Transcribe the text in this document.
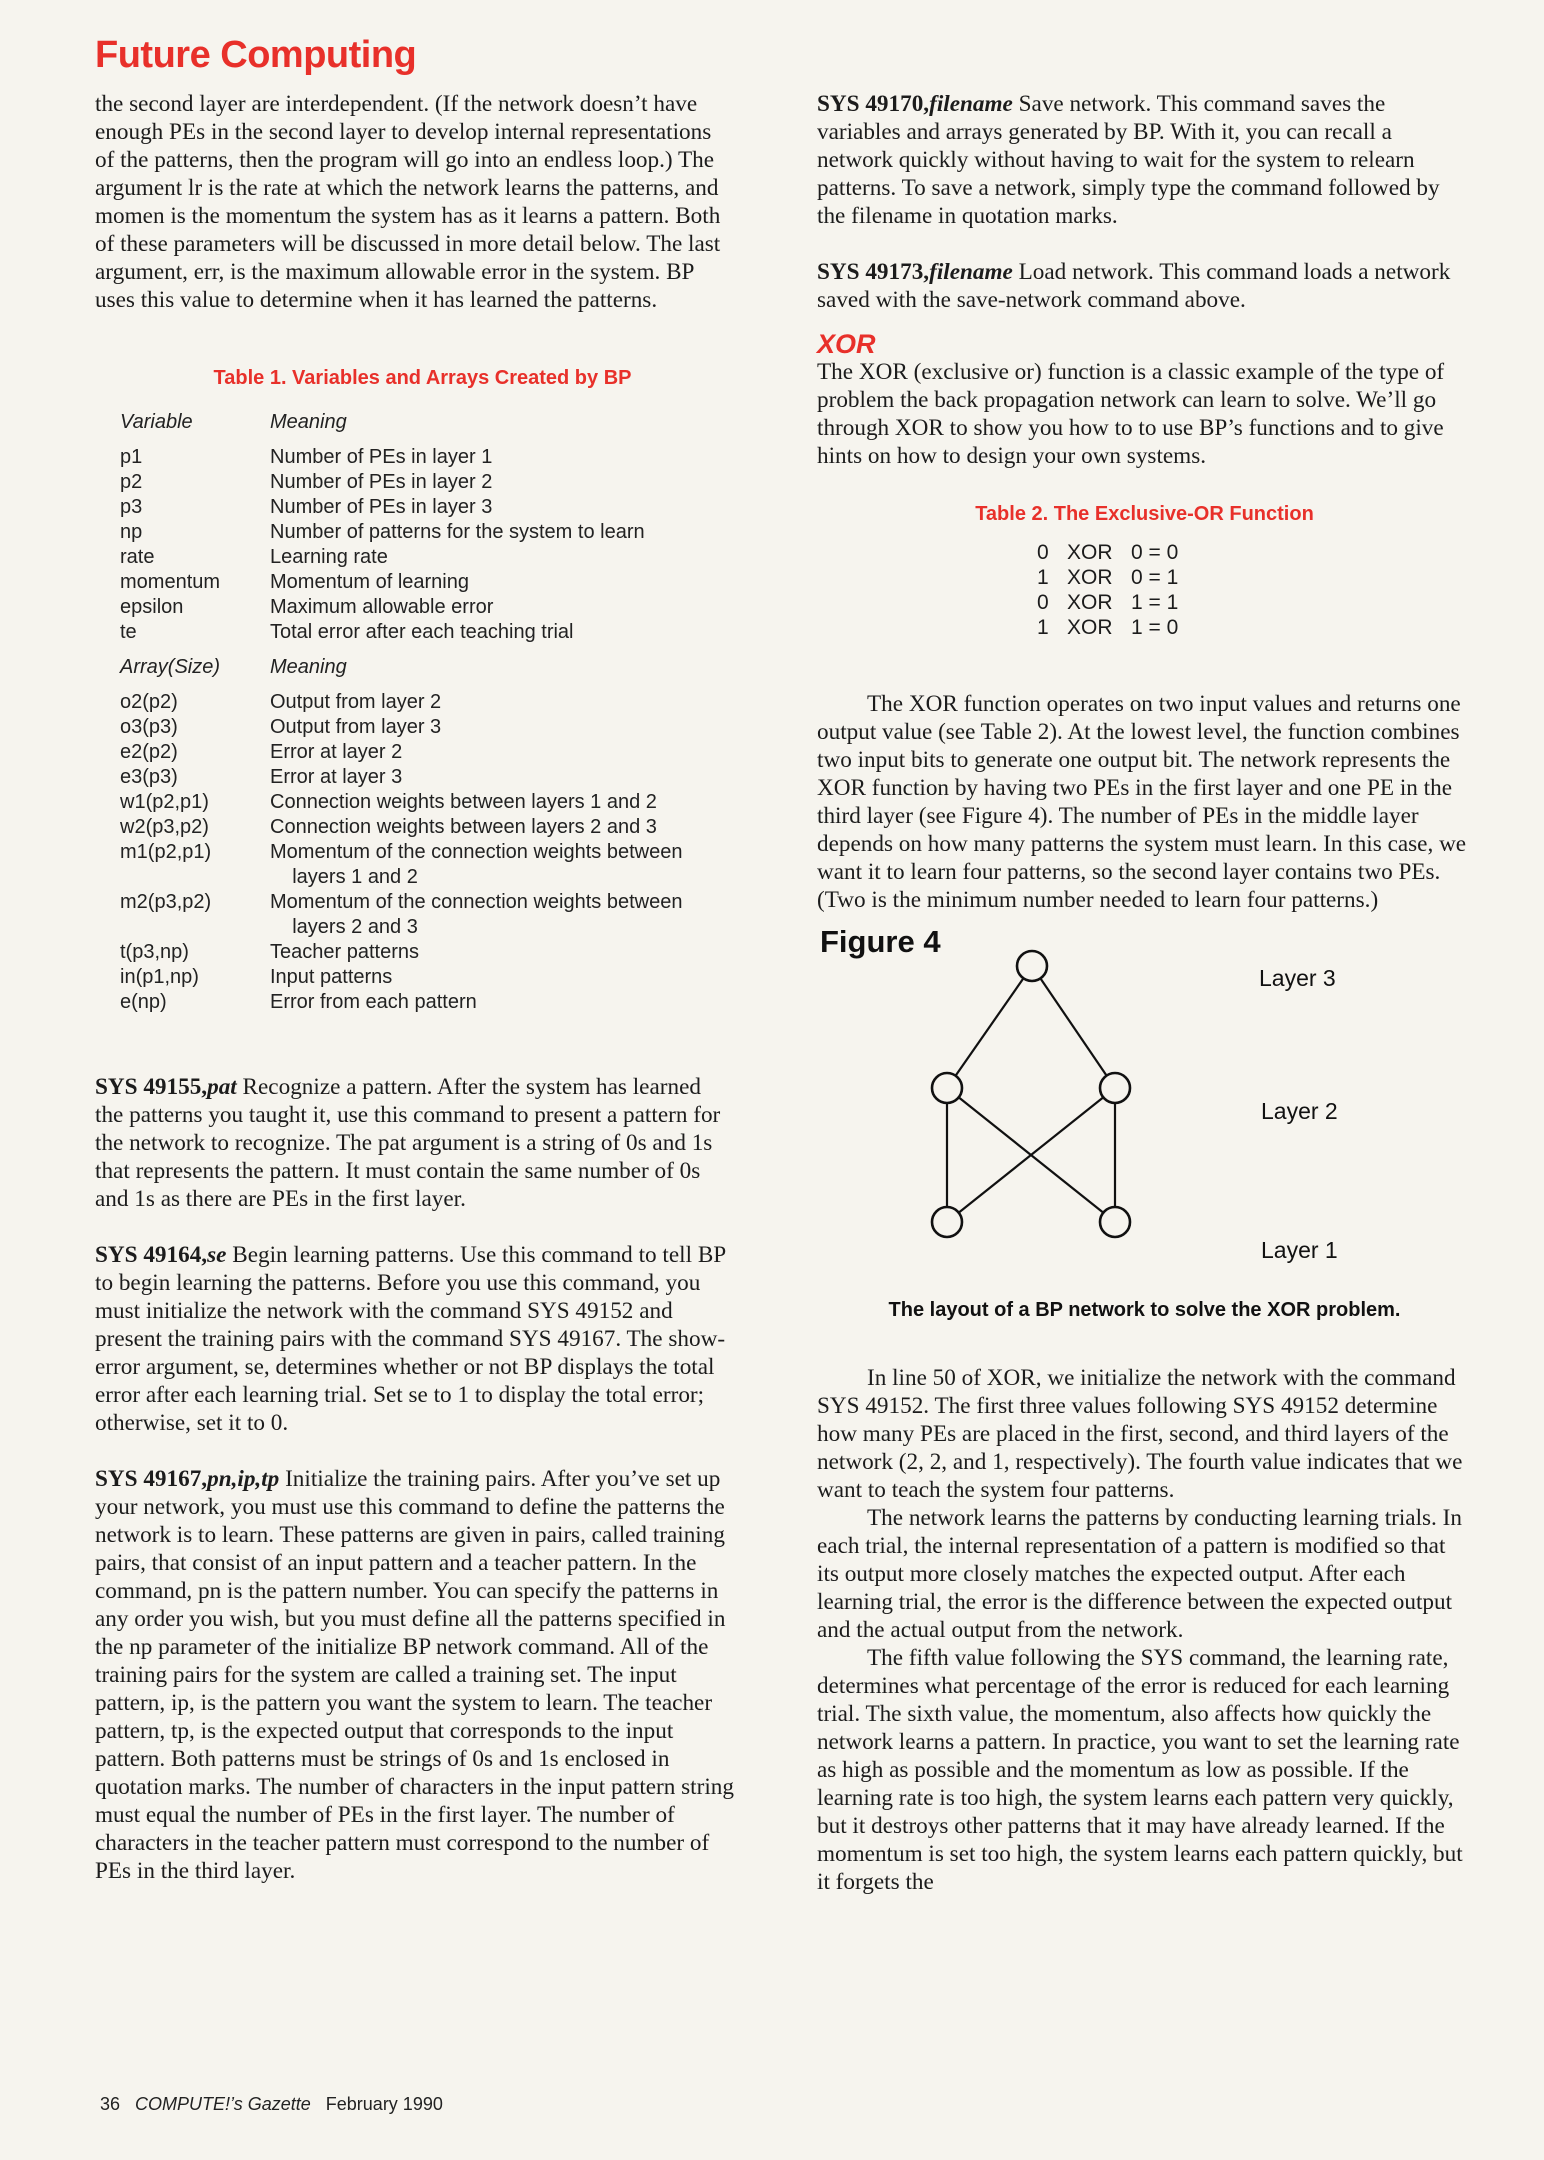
Future Computing

the second layer are interdependent. (If the network doesn’t have enough PEs in the second layer to develop internal representations of the patterns, then the program will go into an endless loop.) The argument lr is the rate at which the network learns the patterns, and momen is the momentum the system has as it learns a pattern. Both of these parameters will be discussed in more detail below. The last argument, err, is the maximum allowable error in the system. BP uses this value to determine when it has learned the patterns.

Table 1. Variables and Arrays Created by BP
Variable	Meaning
p1	Number of PEs in layer 1
p2	Number of PEs in layer 2
p3	Number of PEs in layer 3
np	Number of patterns for the system to learn
rate	Learning rate
momentum	Momentum of learning
epsilon	Maximum allowable error
te	Total error after each teaching trial
Array(Size)	Meaning
o2(p2)	Output from layer 2
o3(p3)	Output from layer 3
e2(p2)	Error at layer 2
e3(p3)	Error at layer 3
w1(p2,p1)	Connection weights between layers 1 and 2
w2(p3,p2)	Connection weights between layers 2 and 3
m1(p2,p1)	Momentum of the connection weights between
layers 1 and 2
m2(p3,p2)	Momentum of the connection weights between
layers 2 and 3
t(p3,np)	Teacher patterns
in(p1,np)	Input patterns
e(np)	Error from each pattern

SYS 49155,pat Recognize a pattern. After the system has learned the patterns you taught it, use this command to present a pattern for the network to recognize. The pat argument is a string of 0s and 1s that represents the pattern. It must contain the same number of 0s and 1s as there are PEs in the first layer.

SYS 49164,se Begin learning patterns. Use this command to tell BP to begin learning the patterns. Before you use this command, you must initialize the network with the command SYS 49152 and present the training pairs with the command SYS 49167. The show-error argument, se, determines whether or not BP displays the total error after each learning trial. Set se to 1 to display the total error; otherwise, set it to 0.

SYS 49167,pn,ip,tp Initialize the training pairs. After you’ve set up your network, you must use this command to define the patterns the network is to learn. These patterns are given in pairs, called training pairs, that consist of an input pattern and a teacher pattern. In the command, pn is the pattern number. You can specify the patterns in any order you wish, but you must define all the patterns specified in the np parameter of the initialize BP network command. All of the training pairs for the system are called a training set. The input pattern, ip, is the pattern you want the system to learn. The teacher pattern, tp, is the expected output that corresponds to the input pattern. Both patterns must be strings of 0s and 1s enclosed in quotation marks. The number of characters in the input pattern string must equal the number of PEs in the first layer. The number of characters in the teacher pattern must correspond to the number of PEs in the third layer.

SYS 49170,filename Save network. This command saves the variables and arrays generated by BP. With it, you can recall a network quickly without having to wait for the system to relearn patterns. To save a network, simply type the command followed by the filename in quotation marks.

SYS 49173,filename Load network. This command loads a network saved with the save-network command above.

XOR

The XOR (exclusive or) function is a classic example of the type of problem the back propagation network can learn to solve. We’ll go through XOR to show you how to to use BP’s functions and to give hints on how to design your own systems.

Table 2. The Exclusive-OR Function
0 XOR 0 = 0
1 XOR 0 = 1
0 XOR 1 = 1
1 XOR 1 = 0

The XOR function operates on two input values and returns one output value (see Table 2). At the lowest level, the function combines two input bits to generate one output bit. The network represents the XOR function by having two PEs in the first layer and one PE in the third layer (see Figure 4). The number of PEs in the middle layer depends on how many patterns the system must learn. In this case, we want it to learn four patterns, so the second layer contains two PEs. (Two is the minimum number needed to learn four patterns.)

Figure 4
Layer 3
Layer 2
Layer 1
The layout of a BP network to solve the XOR problem.

In line 50 of XOR, we initialize the network with the command SYS 49152. The first three values following SYS 49152 determine how many PEs are placed in the first, second, and third layers of the network (2, 2, and 1, respectively). The fourth value indicates that we want to teach the system four patterns.

The network learns the patterns by conducting learning trials. In each trial, the internal representation of a pattern is modified so that its output more closely matches the expected output. After each learning trial, the error is the difference between the expected output and the actual output from the network.

The fifth value following the SYS command, the learning rate, determines what percentage of the error is reduced for each learning trial. The sixth value, the momentum, also affects how quickly the network learns a pattern. In practice, you want to set the learning rate as high as possible and the momentum as low as possible. If the learning rate is too high, the system learns each pattern very quickly, but it destroys other patterns that it may have already learned. If the momentum is set too high, the system learns each pattern quickly, but it forgets the

36 COMPUTE!’s Gazette February 1990
